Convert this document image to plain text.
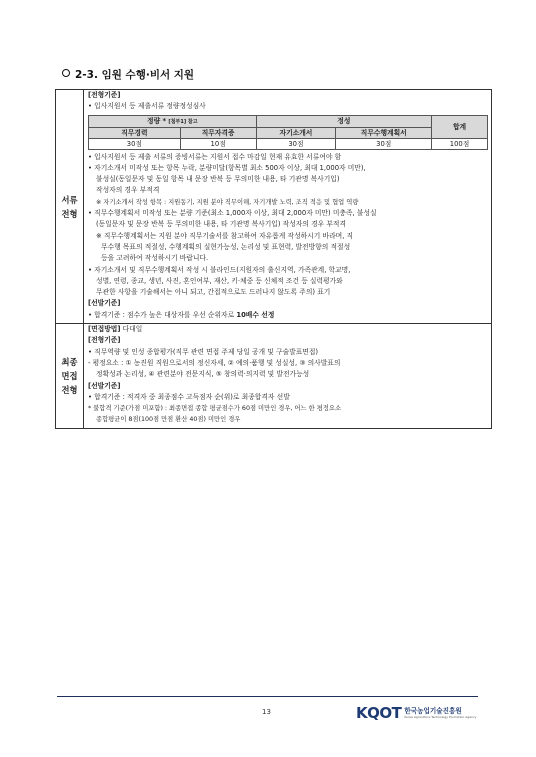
2-3. 임원 수행·비서 지원
서류
전형

[전형기준]
• 입사지원서 등 제출서류 정량정성심사
정량 * [첨부1] 참고	정성	합계
직무경력	직무자격증	자기소개서	직무수행계획서
30점	10점	30점	30점	100점
• 입사지원서 등 제출 서류의 증빙서류는 지원서 접수 마감일 현재 유효한 서류여야 함
• 자기소개서 미작성 또는 항목 누락, 분량미달(항목별 최소 500자 이상, 최대 1,000자 미만),
불성실(동일문자 및 동일 항목 내 문장 반복 등 무의미한 내용, 타 기관명 복사기입)
작성자의 경우 부적격
※ 자기소개서 작성 항목 : 지원동기, 지원 분야 직무이해, 자기개발 노력, 조직 적응 및 협업 역량
• 직무수행계획서 미작성 또는 분량 기준(최소 1,000자 이상, 최대 2,000자 미만) 미충족, 불성실
(동일문자 및 문장 반복 등 무의미한 내용, 타 기관명 복사기입) 작성자의 경우 부적격
※ 직무수행계획서는 지원 분야 직무기술서를 참고하여 자유롭게 작성하시기 바라며, 직
무수행 목표의 적절성, 수행계획의 실현가능성, 논리성 및 표현력, 발전방향의 적절성
등을 고려하여 작성하시기 바랍니다.
• 자기소개서 및 직무수행계획서 작성 시 블라인드(지원자의 출신지역, 가족관계, 학교명,
성별, 연령, 종교, 생년, 사진, 혼인여부, 재산, 키·체중 등 신체적 조건 등 실력평가와
무관한 사항을 기술해서는 아니 되고, 간접적으로도 드러나지 않도록 주의) 표기
[선발기준]
• 합격기준 : 점수가 높은 대상자를 우선 순위자로 10배수 선정

최종
면접
전형

[면접방법] 다대일
[전형기준]
• 직무역량 및 인성 종합평가(직무 관련 면접 주제 당일 공개 및 구술발표면접)
- 평정요소 : ① 농진원 직원으로서의 정신자세, ② 예의·품행 및 성실성, ③ 의사발표의
정확성과 논리성, ④ 관련분야 전문지식, ⑤ 창의력·의지력 및 발전가능성
[선발기준]
• 합격기준 : 적격자 중 최종점수 고득점자 순(위)로 최종합격자 선발
* 불합격 기준(가점 미포함) : 최종면접 종합 평균점수가 60점 미만인 경우, 어느 한 평정요소
종합평균이 8점(100점 만점 환산 40점) 미만인 경우
13	KQOT 한국농업기술진흥원
Korea Agriculture Technology Promotion Agency
